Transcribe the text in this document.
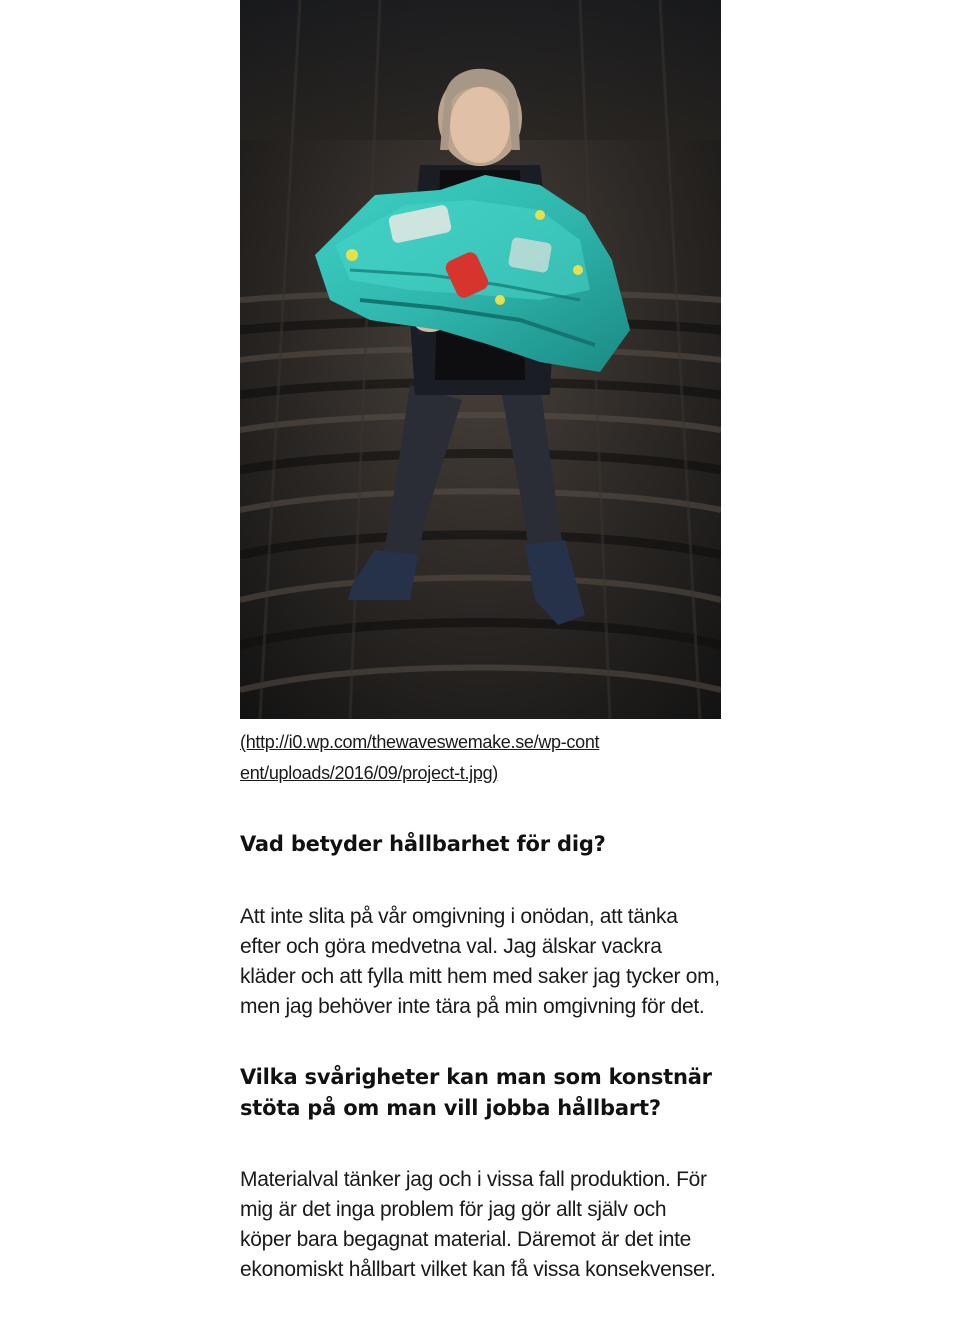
(http://i0.wp.com/thewaveswemake.se/wp-content/uploads/2016/09/project-t.jpg)
Vad betyder hållbarhet för dig?

Att inte slita på vår omgivning i onödan, att tänka efter och göra medvetna val. Jag älskar vackra kläder och att fylla mitt hem med saker jag tycker om, men jag behöver inte tära på min omgivning för det.

Vilka svårigheter kan man som konstnär stöta på om man vill jobba hållbart?

Materialval tänker jag och i vissa fall produktion. För mig är det inga problem för jag gör allt själv och köper bara begagnat material. Däremot är det inte ekonomiskt hållbart vilket kan få vissa konsekvenser.
